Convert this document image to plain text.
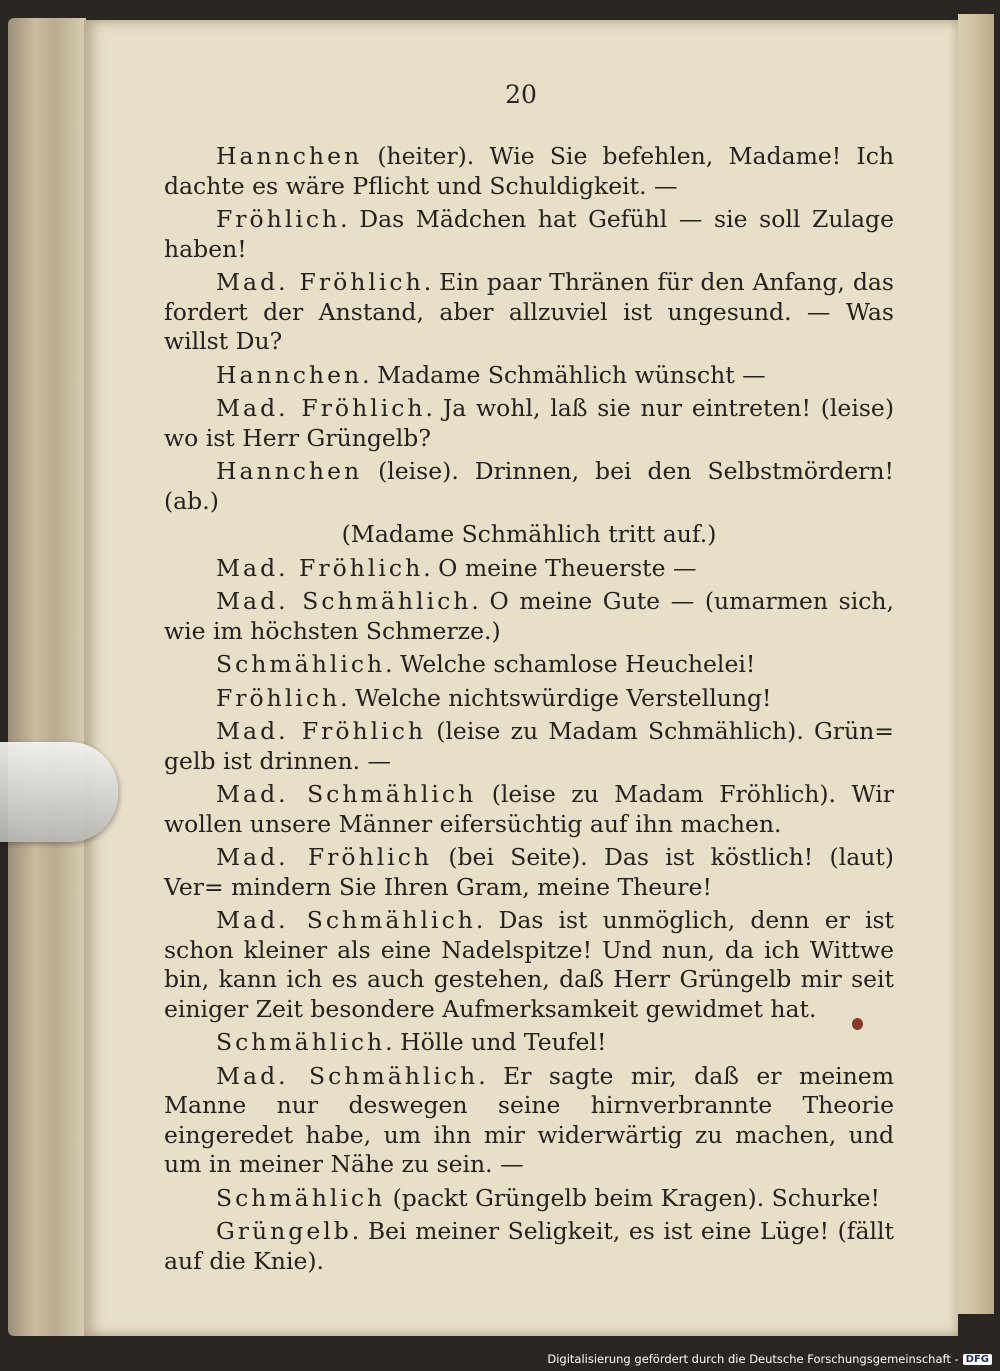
20

Hannchen (heiter). Wie Sie befehlen, Madame! Ich dachte es wäre Pflicht und Schuldigkeit. —

Fröhlich. Das Mädchen hat Gefühl — sie soll Zulage haben!

Mad. Fröhlich. Ein paar Thränen für den Anfang, das fordert der Anstand, aber allzuviel ist ungesund. — Was willst Du?

Hannchen. Madame Schmählich wünscht —

Mad. Fröhlich. Ja wohl, laß sie nur eintreten! (leise) wo ist Herr Grüngelb?

Hannchen (leise). Drinnen, bei den Selbstmördern! (ab.)

(Madame Schmählich tritt auf.)

Mad. Fröhlich. O meine Theuerste —

Mad. Schmählich. O meine Gute — (umarmen sich, wie im höchsten Schmerze.)

Schmählich. Welche schamlose Heuchelei!

Fröhlich. Welche nichtswürdige Verstellung!

Mad. Fröhlich (leise zu Madam Schmählich). Grün= gelb ist drinnen. —

Mad. Schmählich (leise zu Madam Fröhlich). Wir wollen unsere Männer eifersüchtig auf ihn machen.

Mad. Fröhlich (bei Seite). Das ist köstlich! (laut) Ver= mindern Sie Ihren Gram, meine Theure!

Mad. Schmählich. Das ist unmöglich, denn er ist schon kleiner als eine Nadelspitze! Und nun, da ich Wittwe bin, kann ich es auch gestehen, daß Herr Grüngelb mir seit einiger Zeit besondere Aufmerksamkeit gewidmet hat.

Schmählich. Hölle und Teufel!

Mad. Schmählich. Er sagte mir, daß er meinem Manne nur deswegen seine hirnverbrannte Theorie eingeredet habe, um ihn mir widerwärtig zu machen, und um in meiner Nähe zu sein. —

Schmählich (packt Grüngelb beim Kragen). Schurke!

Grüngelb. Bei meiner Seligkeit, es ist eine Lüge! (fällt auf die Knie).

Digitalisierung gefördert durch die Deutsche Forschungsgemeinschaft - DFG
